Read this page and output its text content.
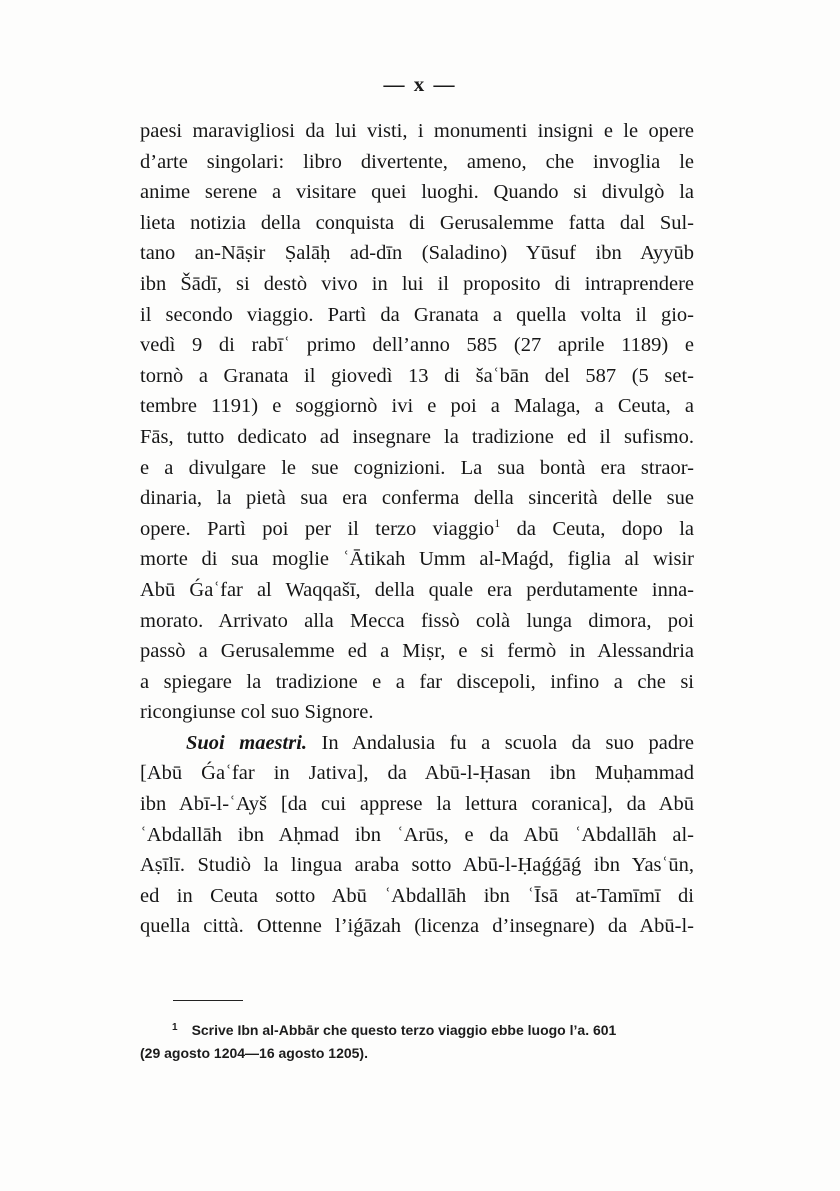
— x —
paesi maravigliosi da lui visti, i monumenti insigni e le opere
d’arte singolari: libro divertente, ameno, che invoglia le
anime serene a visitare quei luoghi. Quando si divulgò la
lieta notizia della conquista di Gerusalemme fatta dal Sul-
tano an-Nāṣir Ṣalāḥ ad-dīn (Saladino) Yūsuf ibn Ayyūb
ibn Šādī, si destò vivo in lui il proposito di intraprendere
il secondo viaggio. Partì da Granata a quella volta il gio-
vedì 9 di rabīʿ primo dell’anno 585 (27 aprile 1189) e
tornò a Granata il giovedì 13 di šaʿbān del 587 (5 set-
tembre 1191) e soggiornò ivi e poi a Malaga, a Ceuta, a
Fās, tutto dedicato ad insegnare la tradizione ed il sufismo.
e a divulgare le sue cognizioni. La sua bontà era straor-
dinaria, la pietà sua era conferma della sincerità delle sue
opere. Partì poi per il terzo viaggio$^1$ da Ceuta, dopo la
morte di sua moglie ʿĀtikah Umm al-Maǵd, figlia al wisir
Abū Ǵaʿfar al Waqqašī, della quale era perdutamente inna-
morato. Arrivato alla Mecca fissò colà lunga dimora, poi
passò a Gerusalemme ed a Miṣr, e si fermò in Alessandria
a spiegare la tradizione e a far discepoli, infino a che si
ricongiunse col suo Signore.
Suoi maestri. In Andalusia fu a scuola da suo padre
[Abū Ǵaʿfar in Jativa], da Abū-l-Ḥasan ibn Muḥammad
ibn Abī-l-ʿAyš [da cui apprese la lettura coranica], da Abū
ʿAbdallāh ibn Aḥmad ibn ʿArūs, e da Abū ʿAbdallāh al-
Aṣīlī. Studiò la lingua araba sotto Abū-l-Ḥaǵǵāǵ ibn Yasʿūn,
ed in Ceuta sotto Abū ʿAbdallāh ibn ʿĪsā at-Tamīmī di
quella città. Ottenne l’iǵāzah (licenza d’insegnare) da Abū-l-
$^1$ Scrive Ibn al-Abbār che questo terzo viaggio ebbe luogo l’a. 601
(29 agosto 1204—16 agosto 1205).
